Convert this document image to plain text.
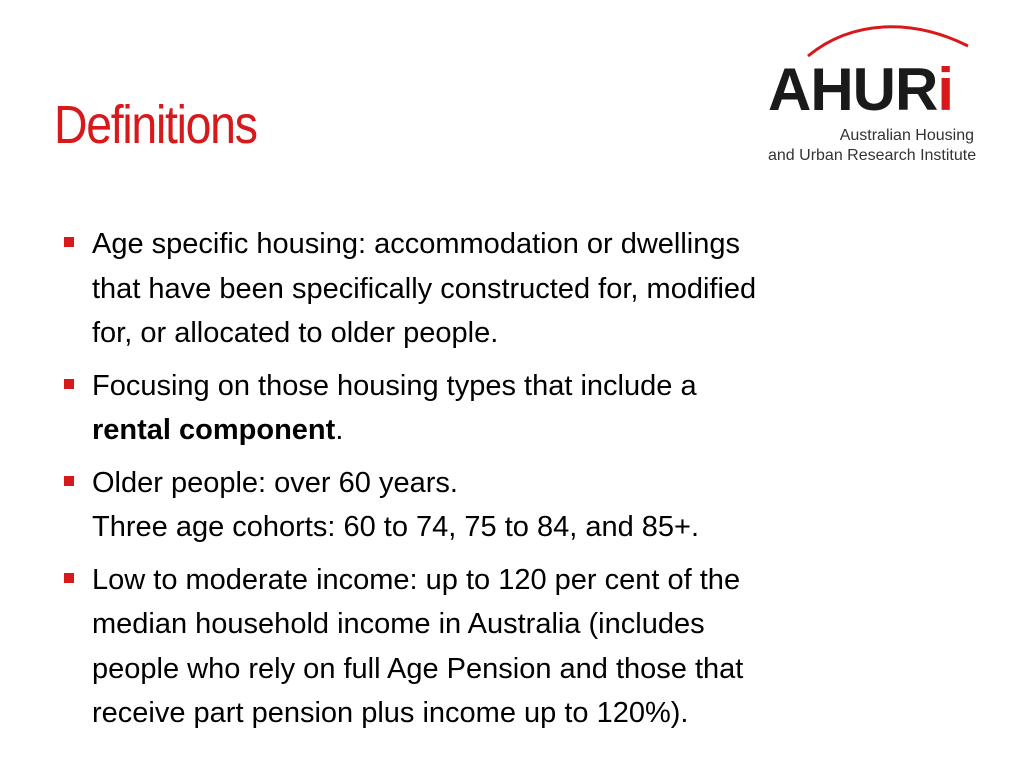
Definitions
AHURi
Australian Housing
and Urban Research Institute
Age specific housing: accommodation or dwellings
that have been specifically constructed for, modified
for, or allocated to older people.
Focusing on those housing types that include a
rental component.
Older people: over 60 years.
Three age cohorts: 60 to 74, 75 to 84, and 85+.
Low to moderate income: up to 120 per cent of the
median household income in Australia (includes
people who rely on full Age Pension and those that
receive part pension plus income up to 120%).
